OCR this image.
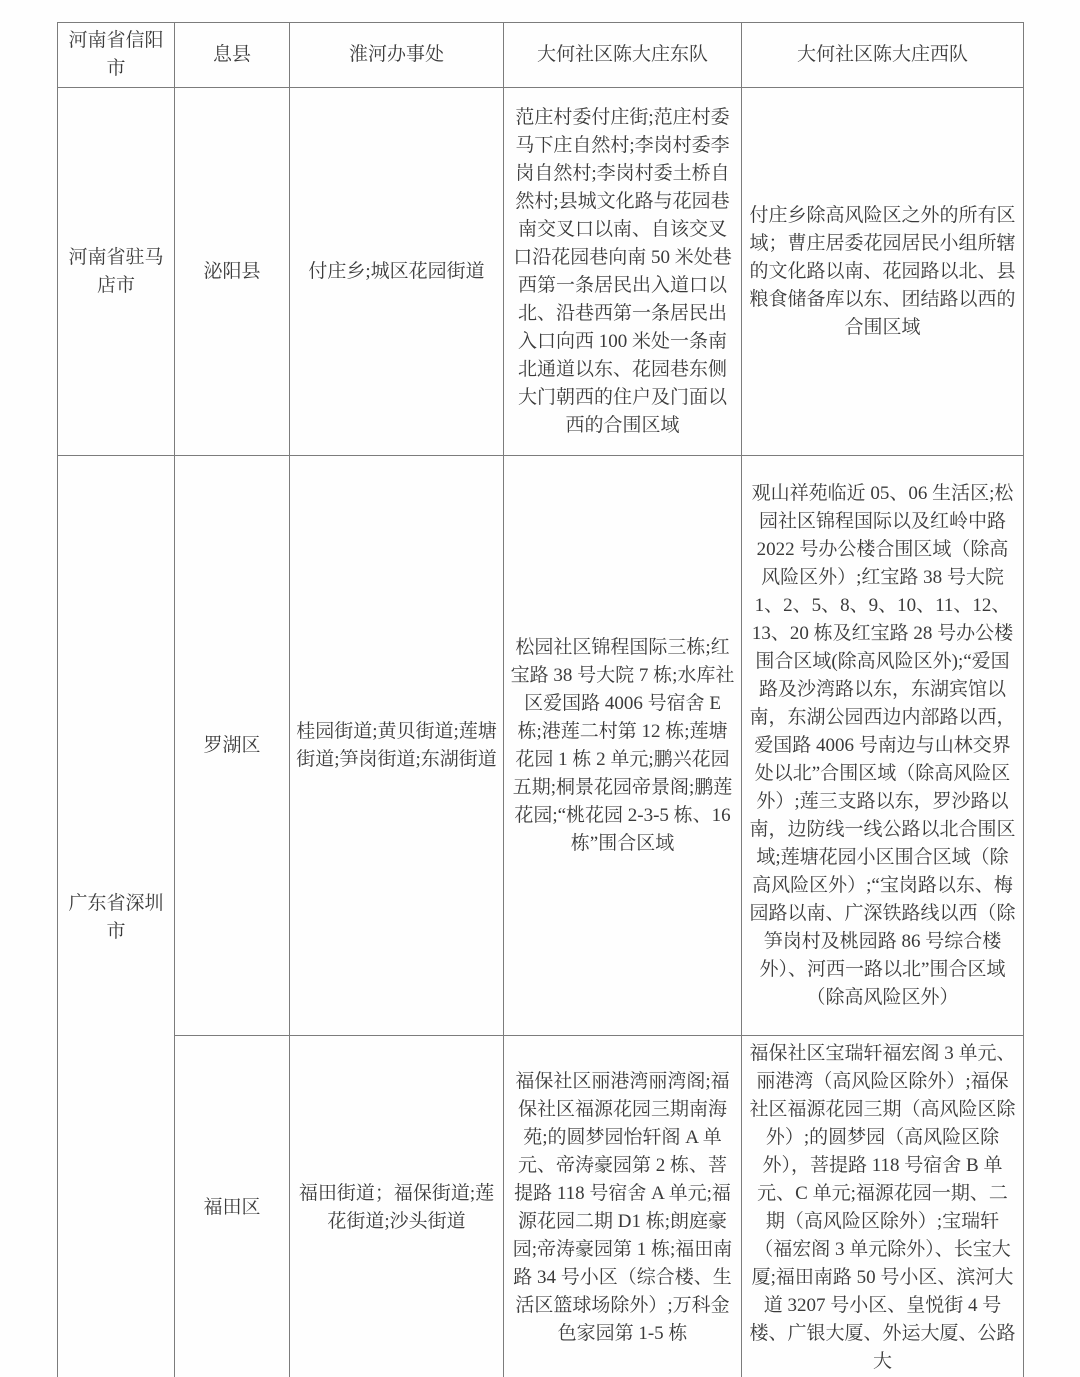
河南省信阳市	息县	淮河办事处	大何社区陈大庄东队	大何社区陈大庄西队
河南省驻马店市	泌阳县	付庄乡;城区花园街道	范庄村委付庄街;范庄村委马下庄自然村;李岗村委李岗自然村;李岗村委土桥自然村;县城文化路与花园巷南交叉口以南、自该交叉口沿花园巷向南 50 米处巷西第一条居民出入道口以北、沿巷西第一条居民出入口向西 100 米处一条南北通道以东、花园巷东侧大门朝西的住户及门面以西的合围区域	付庄乡除高风险区之外的所有区域；曹庄居委花园居民小组所辖的文化路以南、花园路以北、县粮食储备库以东、团结路以西的合围区域
广东省深圳市	罗湖区	桂园街道;黄贝街道;莲塘街道;笋岗街道;东湖街道	松园社区锦程国际三栋;红宝路 38 号大院 7 栋;水库社区爱国路 4006 号宿舍 E 栋;港莲二村第 12 栋;莲塘花园 1 栋 2 单元;鹏兴花园五期;桐景花园帝景阁;鹏莲花园;“桃花园 2-3-5 栋、16 栋”围合区域	观山祥苑临近 05、06 生活区;松园社区锦程国际以及红岭中路 2022 号办公楼合围区域（除高风险区外）;红宝路 38 号大院 1、2、5、8、9、10、11、12、13、20 栋及红宝路 28 号办公楼围合区域(除高风险区外);“爱国路及沙湾路以东，东湖宾馆以南，东湖公园西边内部路以西，爱国路 4006 号南边与山林交界处以北”合围区域（除高风险区外）;莲三支路以东，罗沙路以南，边防线一线公路以北合围区域;莲塘花园小区围合区域（除高风险区外）;“宝岗路以东、梅园路以南、广深铁路线以西（除笋岗村及桃园路 86 号综合楼外）、河西一路以北”围合区域（除高风险区外）
	福田区	福田街道；福保街道;莲花街道;沙头街道	福保社区丽港湾丽湾阁;福保社区福源花园三期南海苑;的圆梦园怡轩阁 A 单元、帝涛豪园第 2 栋、菩提路 118 号宿舍 A 单元;福源花园二期 D1 栋;朗庭豪园;帝涛豪园第 1 栋;福田南路 34 号小区（综合楼、生活区篮球场除外）;万科金色家园第 1-5 栋	福保社区宝瑞轩福宏阁 3 单元、丽港湾（高风险区除外）;福保社区福源花园三期（高风险区除外）;的圆梦园（高风险区除外），菩提路 118 号宿舍 B 单元、C 单元;福源花园一期、二期（高风险区除外）;宝瑞轩（福宏阁 3 单元除外）、长宝大厦;福田南路 50 号小区、滨河大道 3207 号小区、皇悦街 4 号楼、广银大厦、外运大厦、公路大
